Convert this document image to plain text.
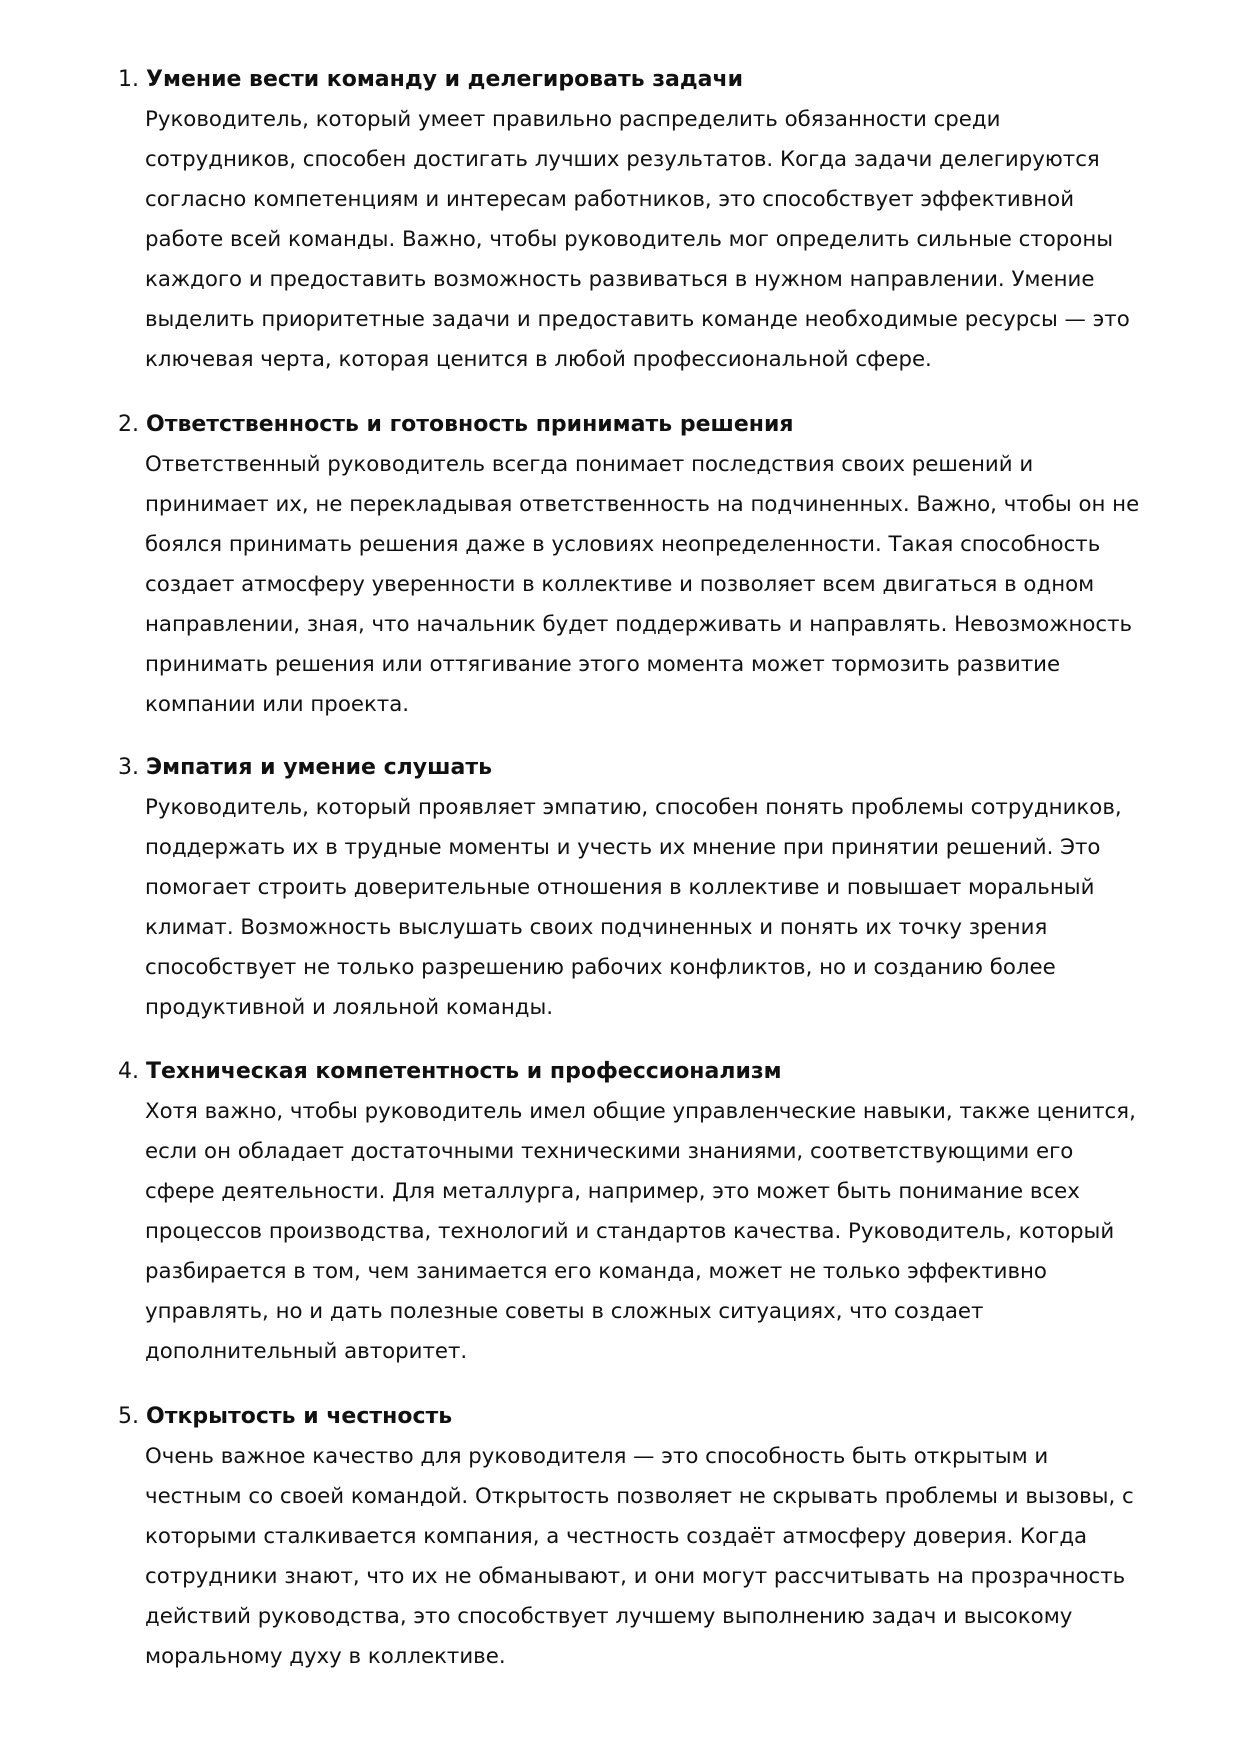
1. Умение вести команду и делегировать задачи
Руководитель, который умеет правильно распределить обязанности среди
сотрудников, способен достигать лучших результатов. Когда задачи делегируются
согласно компетенциям и интересам работников, это способствует эффективной
работе всей команды. Важно, чтобы руководитель мог определить сильные стороны
каждого и предоставить возможность развиваться в нужном направлении. Умение
выделить приоритетные задачи и предоставить команде необходимые ресурсы — это
ключевая черта, которая ценится в любой профессиональной сфере.
2. Ответственность и готовность принимать решения
Ответственный руководитель всегда понимает последствия своих решений и
принимает их, не перекладывая ответственность на подчиненных. Важно, чтобы он не
боялся принимать решения даже в условиях неопределенности. Такая способность
создает атмосферу уверенности в коллективе и позволяет всем двигаться в одном
направлении, зная, что начальник будет поддерживать и направлять. Невозможность
принимать решения или оттягивание этого момента может тормозить развитие
компании или проекта.
3. Эмпатия и умение слушать
Руководитель, который проявляет эмпатию, способен понять проблемы сотрудников,
поддержать их в трудные моменты и учесть их мнение при принятии решений. Это
помогает строить доверительные отношения в коллективе и повышает моральный
климат. Возможность выслушать своих подчиненных и понять их точку зрения
способствует не только разрешению рабочих конфликтов, но и созданию более
продуктивной и лояльной команды.
4. Техническая компетентность и профессионализм
Хотя важно, чтобы руководитель имел общие управленческие навыки, также ценится,
если он обладает достаточными техническими знаниями, соответствующими его
сфере деятельности. Для металлурга, например, это может быть понимание всех
процессов производства, технологий и стандартов качества. Руководитель, который
разбирается в том, чем занимается его команда, может не только эффективно
управлять, но и дать полезные советы в сложных ситуациях, что создает
дополнительный авторитет.
5. Открытость и честность
Очень важное качество для руководителя — это способность быть открытым и
честным со своей командой. Открытость позволяет не скрывать проблемы и вызовы, с
которыми сталкивается компания, а честность создаёт атмосферу доверия. Когда
сотрудники знают, что их не обманывают, и они могут рассчитывать на прозрачность
действий руководства, это способствует лучшему выполнению задач и высокому
моральному духу в коллективе.
